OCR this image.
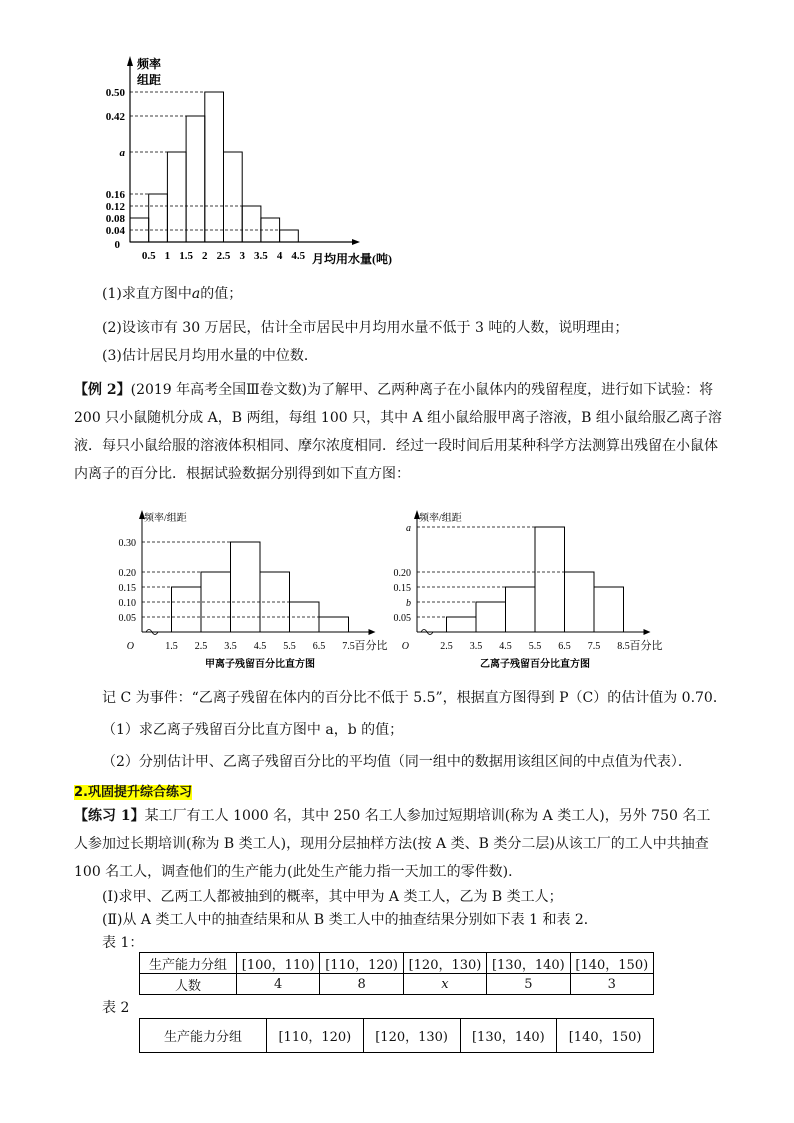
频率
组距
0.50
0.42
a
0.16
0.12
0.08
0.04
0
0.5 1 1.5 2 2.5 3 3.5 4 4.5 月均用水量(吨)
(1)求直方图中a的值；
(2)设该市有 30 万居民，估计全市居民中月均用水量不低于 3 吨的人数，说明理由；
(3)估计居民月均用水量的中位数．
【例 2】(2019 年高考全国Ⅲ卷文数)为了解甲、乙两种离子在小鼠体内的残留程度，进行如下试验：将 200 只小鼠随机分成 A，B 两组，每组 100 只，其中 A 组小鼠给服甲离子溶液，B 组小鼠给服乙离子溶液．每只小鼠给服的溶液体积相同、摩尔浓度相同．经过一段时间后用某种科学方法测算出残留在小鼠体内离子的百分比．根据试验数据分别得到如下直方图：
频率/组距
0.30
0.20
0.15
0.10
0.05
O	1.5 2.5 3.5 4.5 5.5 6.5 7.5 百分比
甲离子残留百分比直方图
频率/组距
a
0.20
0.15
b
0.05
O	2.5 3.5 4.5 5.5 6.5 7.5 8.5 百分比
乙离子残留百分比直方图
记 C 为事件：“乙离子残留在体内的百分比不低于 5.5”，根据直方图得到 P（C）的估计值为 0.70．
（1）求乙离子残留百分比直方图中 a，b 的值；
（2）分别估计甲、乙离子残留百分比的平均值（同一组中的数据用该组区间的中点值为代表）．
2.巩固提升综合练习
【练习 1】某工厂有工人 1000 名，其中 250 名工人参加过短期培训(称为 A 类工人)，另外 750 名工人参加过长期培训(称为 B 类工人)，现用分层抽样方法(按 A 类、B 类分二层)从该工厂的工人中共抽查 100 名工人，调查他们的生产能力(此处生产能力指一天加工的零件数)．
(Ⅰ)求甲、乙两工人都被抽到的概率，其中甲为 A 类工人，乙为 B 类工人；
(Ⅱ)从 A 类工人中的抽查结果和从 B 类工人中的抽查结果分别如下表 1 和表 2．
表 1：
生产能力分组	[100，110)	[110，120)	[120，130)	[130，140)	[140，150)
人数	4	8	x	5	3
表 2
生产能力分组	[110，120)	[120，130)	[130，140)	[140，150)
